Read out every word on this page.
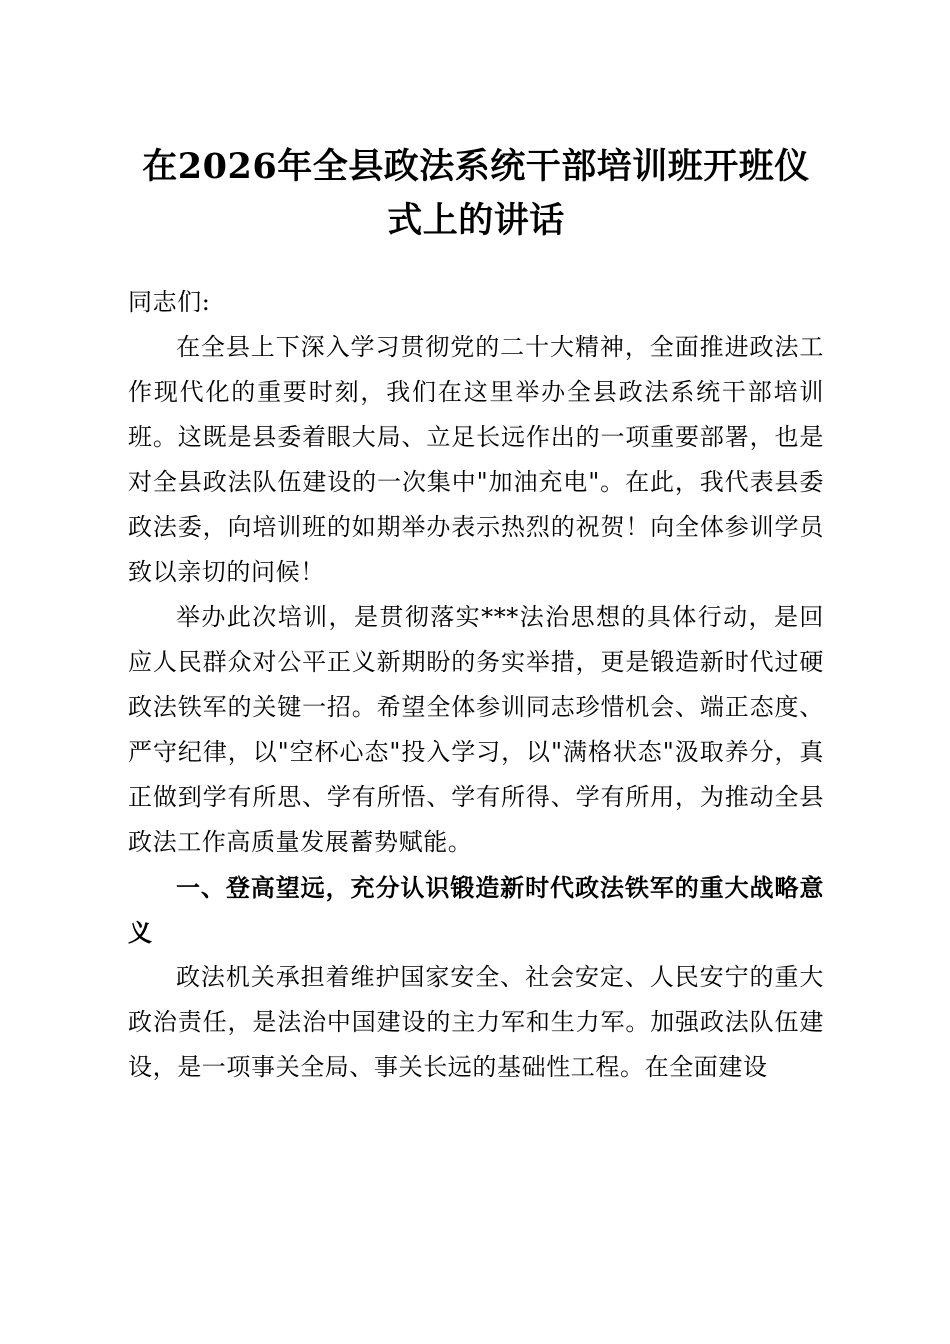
在2026年全县政法系统干部培训班开班仪式上的讲话

同志们:

在全县上下深入学习贯彻党的二十大精神，全面推进政法工作现代化的重要时刻，我们在这里举办全县政法系统干部培训班。这既是县委着眼大局、立足长远作出的一项重要部署，也是对全县政法队伍建设的一次集中"加油充电"。在此，我代表县委政法委，向培训班的如期举办表示热烈的祝贺！向全体参训学员致以亲切的问候！

举办此次培训，是贯彻落实***法治思想的具体行动，是回应人民群众对公平正义新期盼的务实举措，更是锻造新时代过硬政法铁军的关键一招。希望全体参训同志珍惜机会、端正态度、严守纪律，以"空杯心态"投入学习，以"满格状态"汲取养分，真正做到学有所思、学有所悟、学有所得、学有所用，为推动全县政法工作高质量发展蓄势赋能。

一、登高望远，充分认识锻造新时代政法铁军的重大战略意义

政法机关承担着维护国家安全、社会安定、人民安宁的重大政治责任，是法治中国建设的主力军和生力军。加强政法队伍建设，是一项事关全局、事关长远的基础性工程。在全面建设
